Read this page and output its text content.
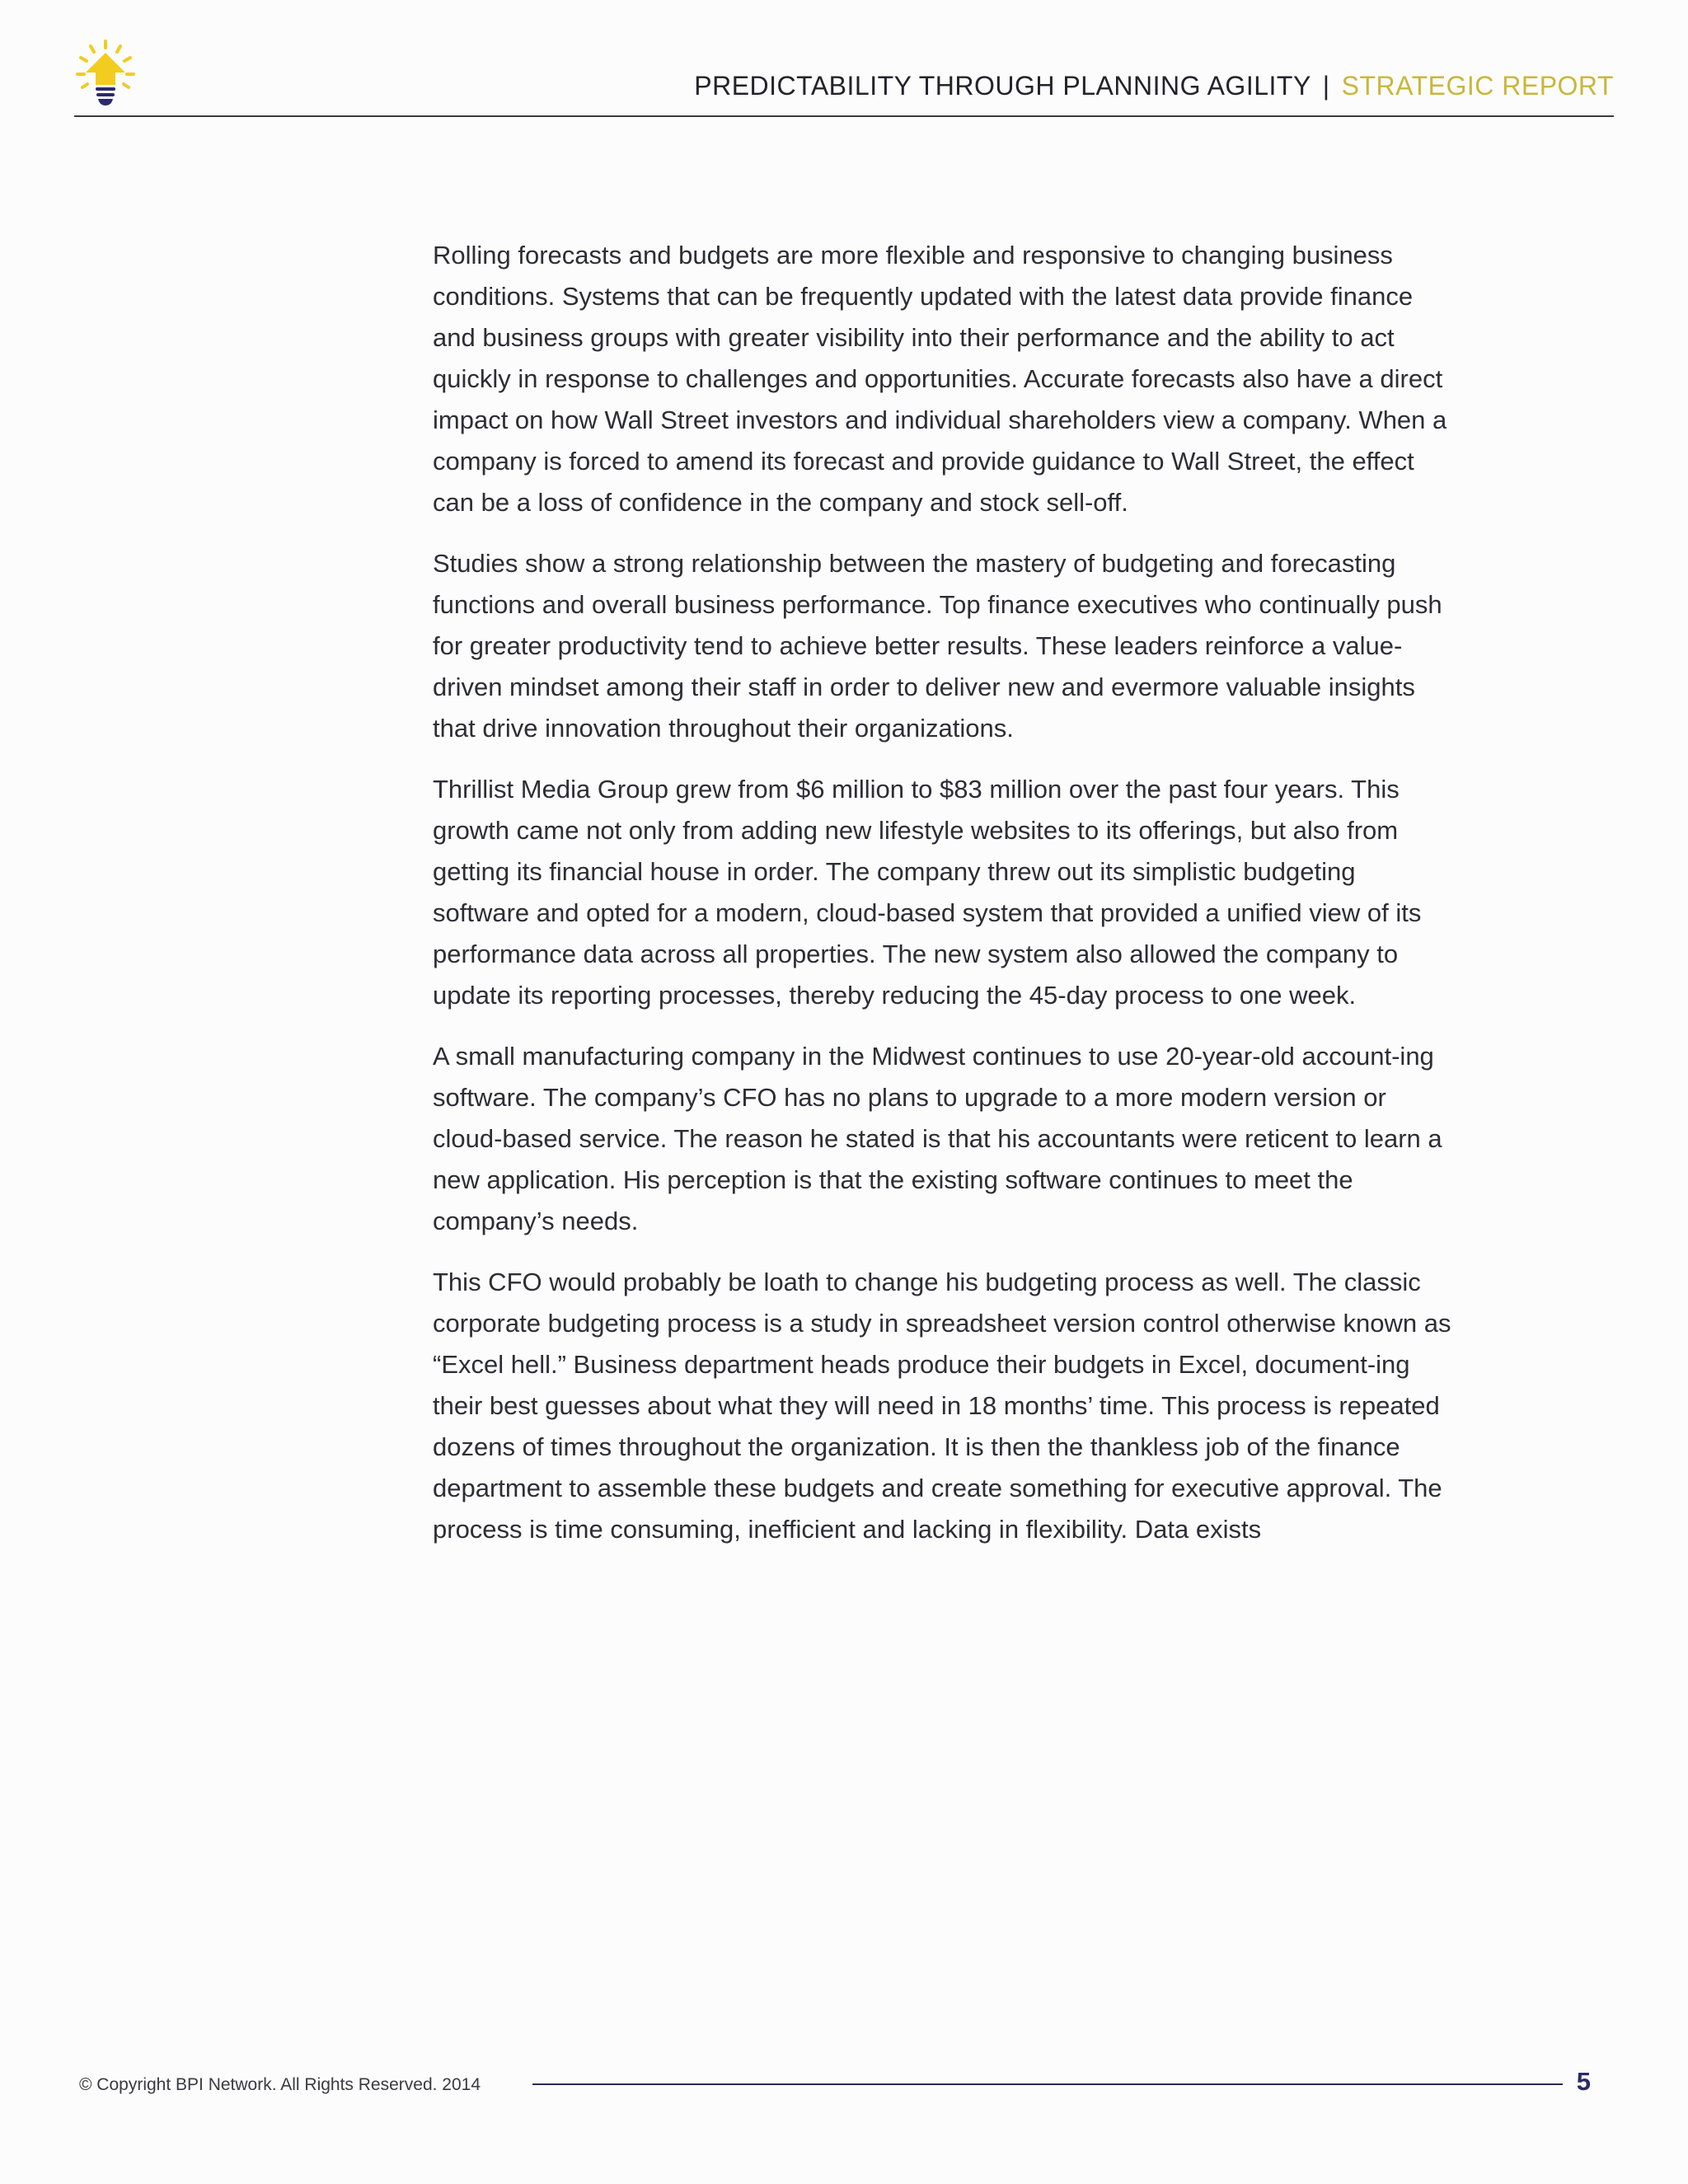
PREDICTABILITY THROUGH PLANNING AGILITY | STRATEGIC REPORT

Rolling forecasts and budgets are more flexible and responsive to changing business conditions. Systems that can be frequently updated with the latest data provide finance and business groups with greater visibility into their performance and the ability to act quickly in response to challenges and opportunities. Accurate forecasts also have a direct impact on how Wall Street investors and individual shareholders view a company. When a company is forced to amend its forecast and provide guidance to Wall Street, the effect can be a loss of confidence in the company and stock sell-off.

Studies show a strong relationship between the mastery of budgeting and forecasting functions and overall business performance. Top finance executives who continually push for greater productivity tend to achieve better results. These leaders reinforce a value-driven mindset among their staff in order to deliver new and evermore valuable insights that drive innovation throughout their organizations.

Thrillist Media Group grew from $6 million to $83 million over the past four years. This growth came not only from adding new lifestyle websites to its offerings, but also from getting its financial house in order. The company threw out its simplistic budgeting software and opted for a modern, cloud-based system that provided a unified view of its performance data across all properties. The new system also allowed the company to update its reporting processes, thereby reducing the 45-day process to one week.

A small manufacturing company in the Midwest continues to use 20-year-old account-ing software. The company’s CFO has no plans to upgrade to a more modern version or cloud-based service. The reason he stated is that his accountants were reticent to learn a new application. His perception is that the existing software continues to meet the company’s needs.

This CFO would probably be loath to change his budgeting process as well. The classic corporate budgeting process is a study in spreadsheet version control otherwise known as “Excel hell.” Business department heads produce their budgets in Excel, document-ing their best guesses about what they will need in 18 months’ time. This process is repeated dozens of times throughout the organization. It is then the thankless job of the finance department to assemble these budgets and create something for executive approval. The process is time consuming, inefficient and lacking in flexibility. Data exists

© Copyright BPI Network. All Rights Reserved. 2014	5
